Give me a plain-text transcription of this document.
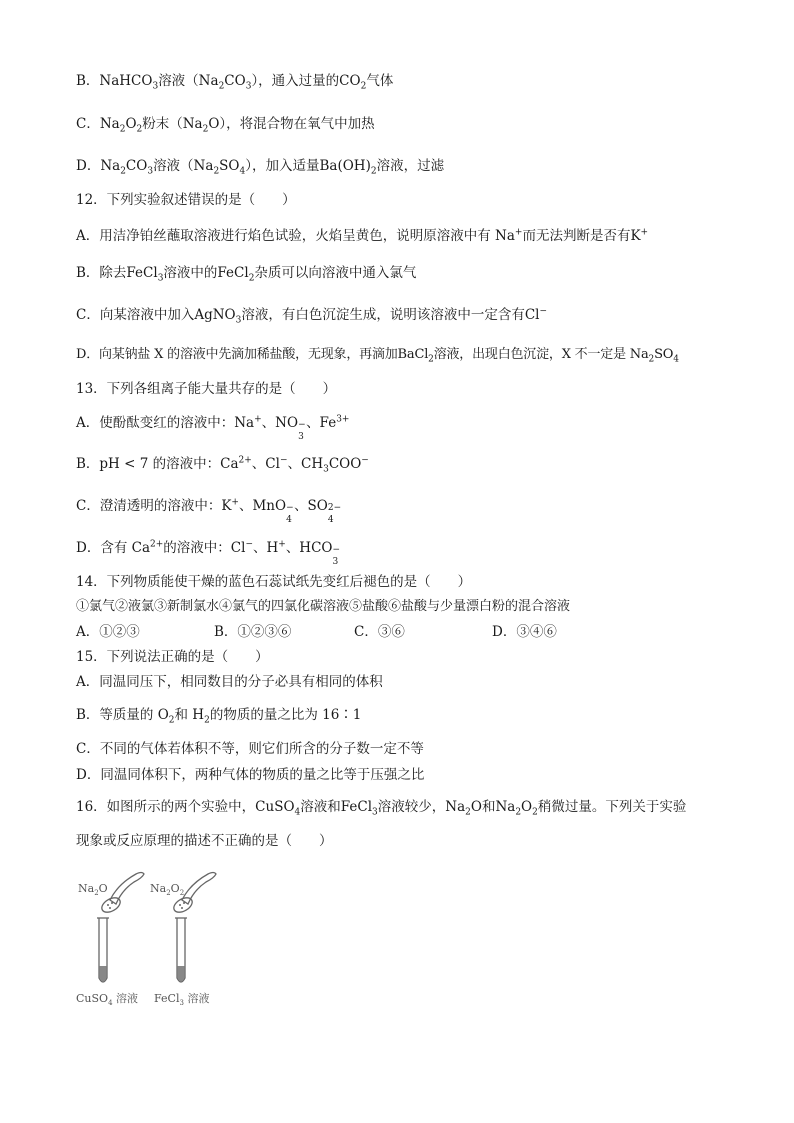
B．NaHCO$_3$溶液$(Na_2CO_3)$，通入过量的$CO_2$气体
C．$Na_2O_2$粉末$(Na_2O)$，将混合物在氧气中加热
D．$Na_2CO_3$溶液$(Na_2SO_4)$，加入适量$Ba(OH)_2$溶液，过滤
12．下列实验叙述错误的是（　　）
A．用洁净铂丝蘸取溶液进行焰色试验，火焰呈黄色，说明原溶液中有 Na+而无法判断是否有K+
B．除去FeCl$_3$溶液中的FeCl$_2$杂质可以向溶液中通入氯气
C．向某溶液中加入AgNO$_3$溶液，有白色沉淀生成，说明该溶液中一定含有Cl−
D．向某钠盐 X 的溶液中先滴加稀盐酸，无现象，再滴加BaCl$_2$溶液，出现白色沉淀，X 不一定是 $Na_2SO_4$
13．下列各组离子能大量共存的是（　　）
A．使酚酞变红的溶液中：Na+、NO −
3
、$Fe^{3+}$
B．pH < 7 的溶液中：$Ca^{2+}$、Cl−、$CH_3COO^-$
C．澄清透明的溶液中：K+、MnO −
4
、SO 2−
4
D．含有 $Ca^{2+}$的溶液中：Cl−、H+、HCO −
3
14．下列物质能使干燥的蓝色石蕊试纸先变红后褪色的是（　　）
①氯气②液氯③新制氯水④氯气的四氯化碳溶液⑤盐酸⑥盐酸与少量漂白粉的混合溶液
A．①②③	B．①②③⑥	C．③⑥	D．③④⑥
15．下列说法正确的是（　　）
A．同温同压下，相同数目的分子必具有相同的体积
B．等质量的 $O_2$和 $H_2$的物质的量之比为 16∶1
C．不同的气体若体积不等，则它们所含的分子数一定不等
D．同温同体积下，两种气体的物质的量之比等于压强之比
16．如图所示的两个实验中，CuSO$_4$溶液和FeCl$_3$溶液较少，$Na_2O$和$Na_2O_2$稍微过量。下列关于实验
现象或反应原理的描述不正确的是（　　）
$Na_2O$	$Na_2O_2$
CuSO$_4$ 溶液 FeCl$_3$ 溶液
